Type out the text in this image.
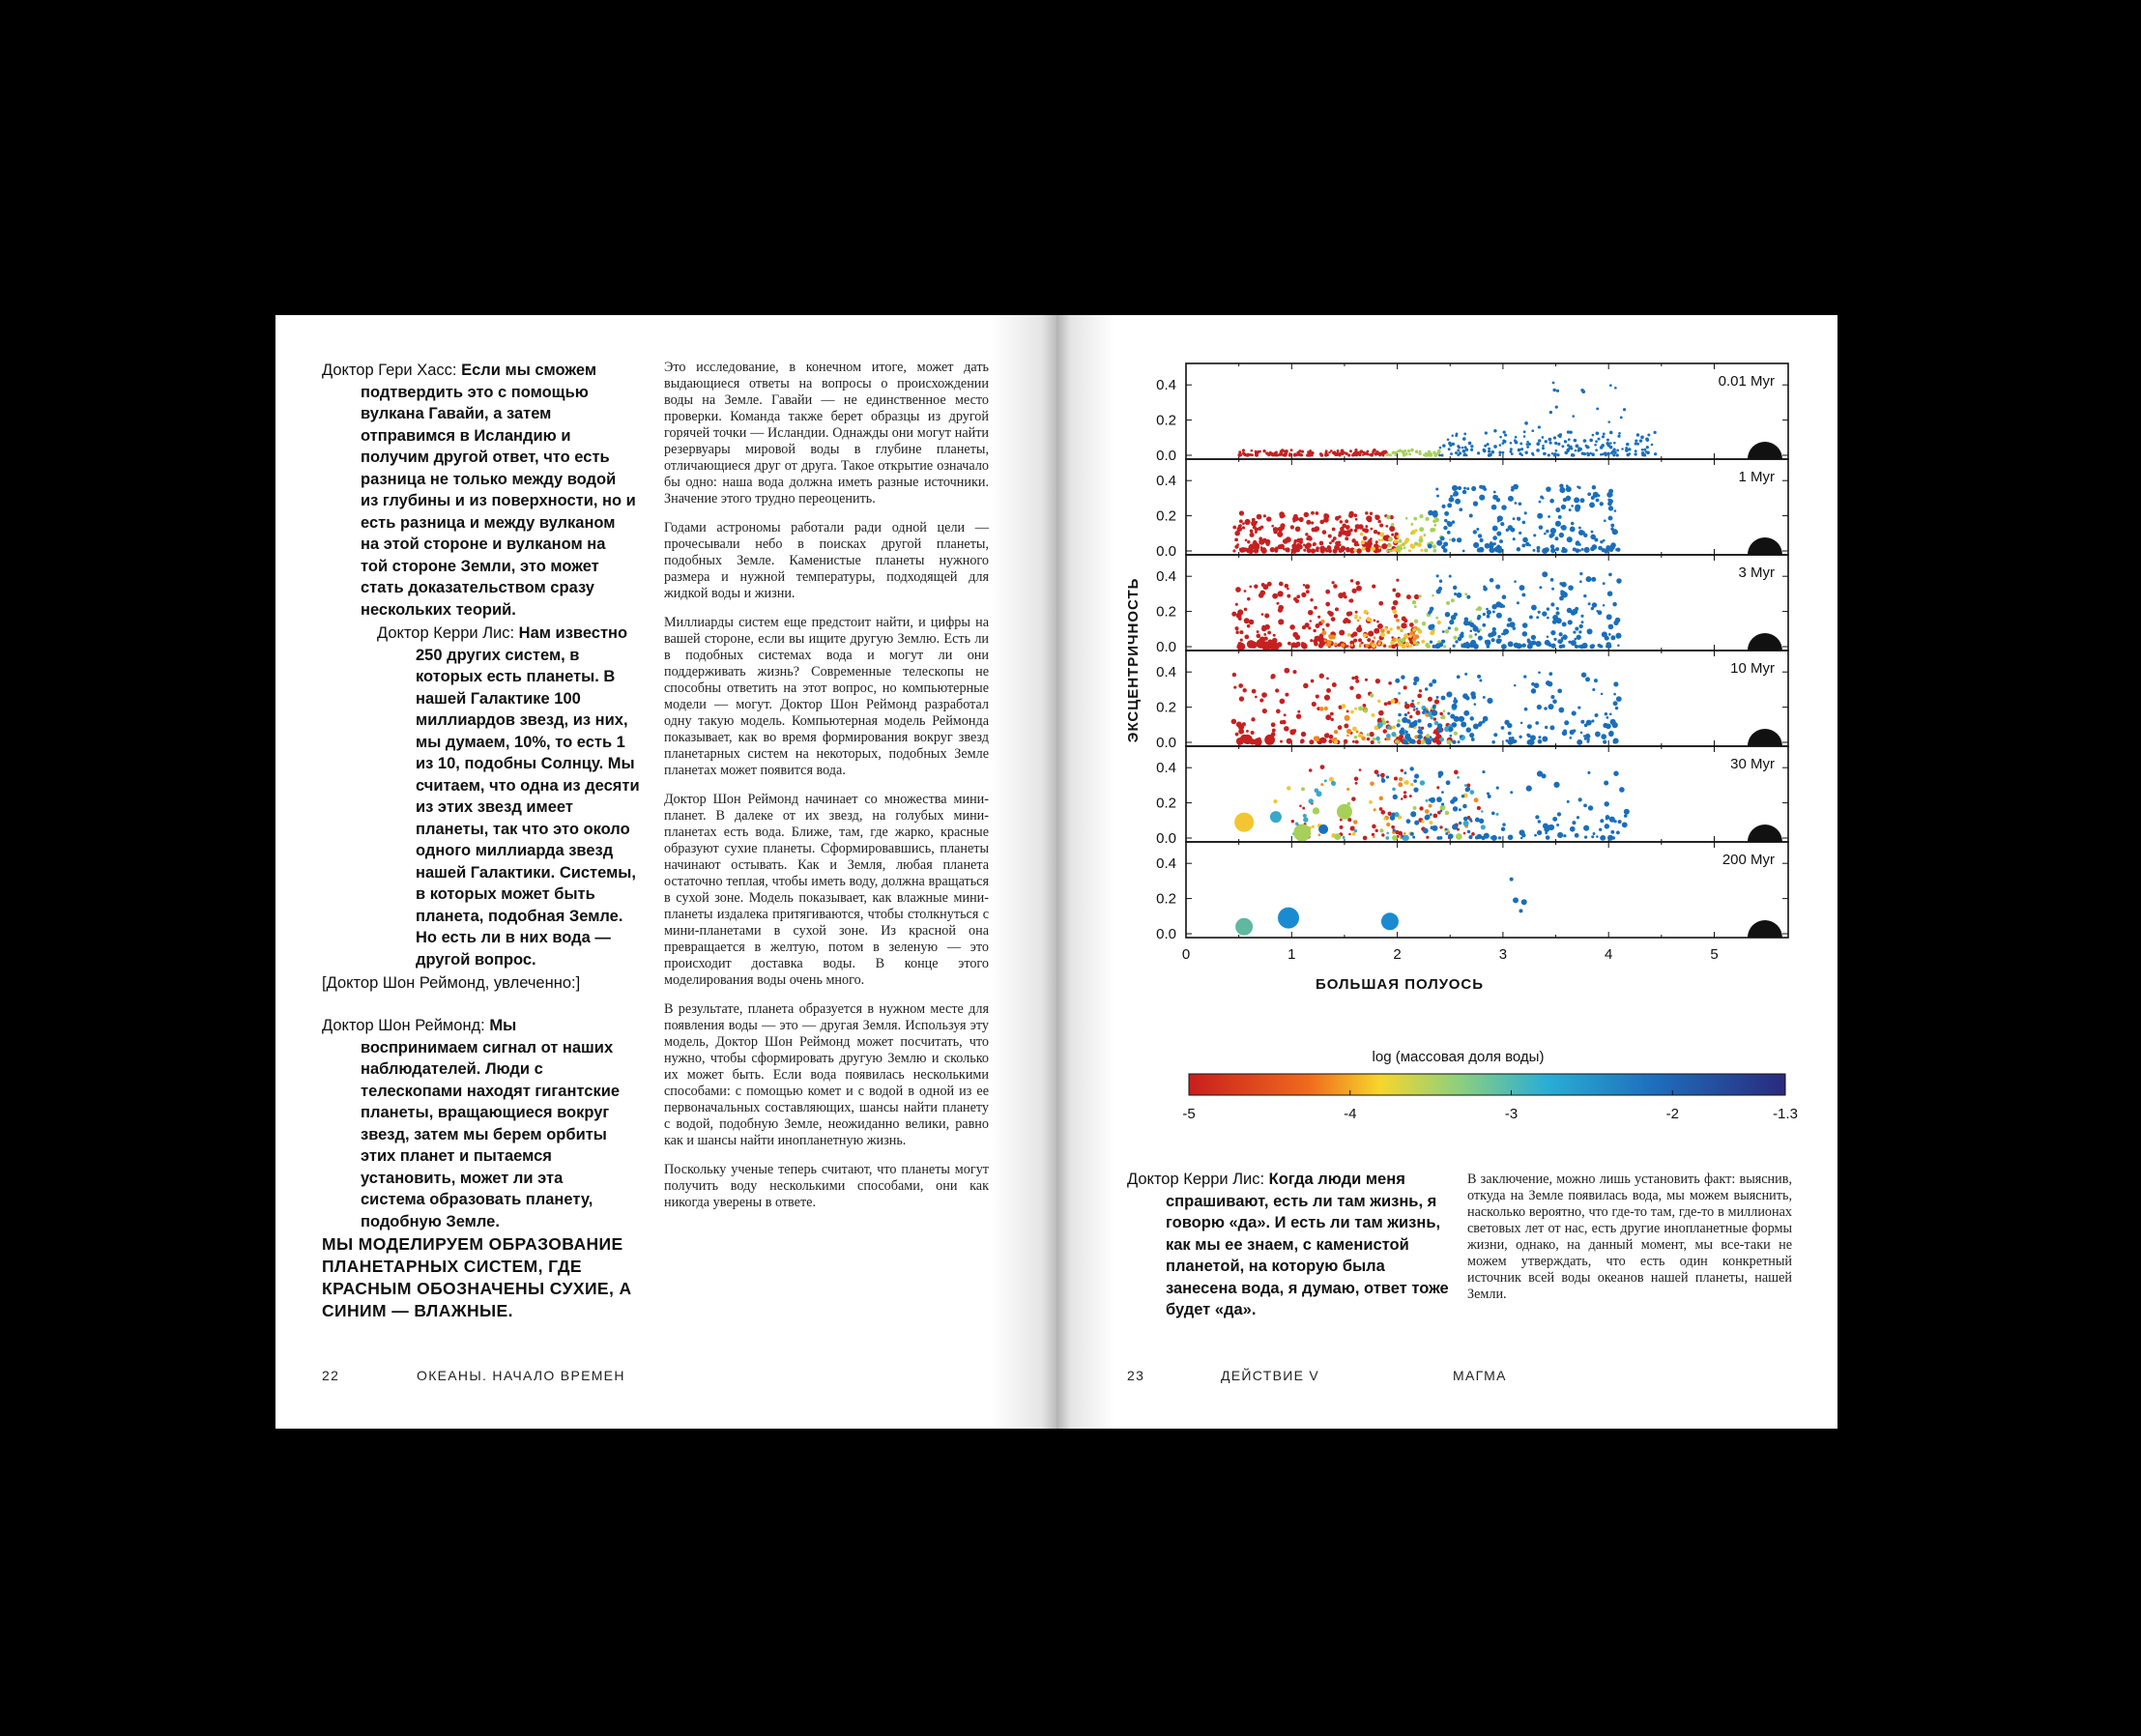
Доктор Гери Хасс: Если мы сможем подтвердить это с помощью вулкана Гавайи, а затем отправимся в Исландию и получим другой ответ, что есть разница не только между водой из глубины и из поверхности, но и есть разница и между вулканом на этой стороне и вулканом на той стороне Земли, это может стать доказательством сразу нескольких теорий.
Доктор Керри Лис: Нам известно 250 других систем, в которых есть планеты. В нашей Галактике 100 миллиардов звезд, из них, мы думаем, 10%, то есть 1 из 10, подобны Солнцу. Мы считаем, что одна из десяти из этих звезд имеет планеты, так что это около одного миллиарда звезд нашей Галактики. Системы, в которых может быть планета, подобная Земле. Но есть ли в них вода — другой вопрос.
[Доктор Шон Реймонд, увлеченно:]
Доктор Шон Реймонд: Мы воспринимаем сигнал от наших наблюдателей. Люди с телескопами находят гигантские планеты, вращающиеся вокруг звезд, затем мы берем орбиты этих планет и пытаемся установить, может ли эта система образовать планету, подобную Земле.
МЫ МОДЕЛИРУЕМ ОБРАЗОВАНИЕ ПЛАНЕТАРНЫХ СИСТЕМ, ГДЕ КРАСНЫМ ОБОЗНАЧЕНЫ СУХИЕ, А СИНИМ — ВЛАЖНЫЕ.

Это исследование, в конечном итоге, может дать выдающиеся ответы на вопросы о происхождении воды на Земле. Гавайи — не единственное место проверки. Команда также берет образцы из другой горячей точки — Исландии. Однажды они могут найти резервуары мировой воды в глубине планеты, отличающиеся друг от друга. Такое открытие означало бы одно: наша вода должна иметь разные источники. Значение этого трудно переоценить.

Годами астрономы работали ради одной цели — прочесывали небо в поисках другой планеты, подобных Земле. Каменистые планеты нужного размера и нужной температуры, подходящей для жидкой воды и жизни.

Миллиарды систем еще предстоит найти, и цифры на вашей стороне, если вы ищите другую Землю. Есть ли в подобных системах вода и могут ли они поддерживать жизнь? Современные телескопы не способны ответить на этот вопрос, но компьютерные модели — могут. Доктор Шон Реймонд разработал одну такую модель. Компьютерная модель Реймонда показывает, как во время формирования вокруг звезд планетарных систем на некоторых, подобных Земле планетах может появится вода.

Доктор Шон Реймонд начинает со множества мини-планет. В далеке от их звезд, на голубых мини-планетах есть вода. Ближе, там, где жарко, красные образуют сухие планеты. Сформировавшись, планеты начинают остывать. Как и Земля, любая планета остаточно теплая, чтобы иметь воду, должна вращаться в сухой зоне. Модель показывает, как влажные мини-планеты издалека притягиваются, чтобы столкнуться с мини-планетами в сухой зоне. Из красной она превращается в желтую, потом в зеленую — это происходит доставка воды. В конце этого моделирования воды очень много.

В результате, планета образуется в нужном месте для появления воды — это — другая Земля. Используя эту модель, Доктор Шон Реймонд может посчитать, что нужно, чтобы сформировать другую Землю и сколько их может быть. Если вода появилась несколькими способами: с помощью комет и с водой в одной из ее первоначальных составляющих, шансы найти планету с водой, подобную Земле, неожиданно велики, равно как и шансы найти инопланетную жизнь.

Поскольку ученые теперь считают, что планеты могут получить воду несколькими способами, они как никогда уверены в ответе.

22	ОКЕАНЫ. НАЧАЛО ВРЕМЕН
0.0
0.2
0.4	0.01 Myr
0.0
0.2
0.4	1 Myr
0.0
0.2
0.4	3 Myr
0.0
0.2
0.4	10 Myr
0.0
0.2
0.4	30 Myr
0.0
0.2
0.4	200 Myr
0	1	2	3	4	5
БОЛЬШАЯ ПОЛУОСЬ
ЭКСЦЕНТРИЧНОСТЬ
log (массовая доля воды)
-5	-4	-3	-2	-1.3
Доктор Керри Лис: Когда люди меня спрашивают, есть ли там жизнь, я говорю «да». И есть ли там жизнь, как мы ее знаем, с каменистой планетой, на которую была занесена вода, я думаю, ответ тоже будет «да».

В заключение, можно лишь установить факт: выяснив, откуда на Земле появилась вода, мы можем выяснить, насколько вероятно, что где-то там, где-то в миллионах световых лет от нас, есть другие инопланетные формы жизни, однако, на данный момент, мы все-таки не можем утверждать, что есть один конкретный источник всей воды океанов нашей планеты, нашей Земли.

23	ДЕЙСТВИЕ V	МАГМА
